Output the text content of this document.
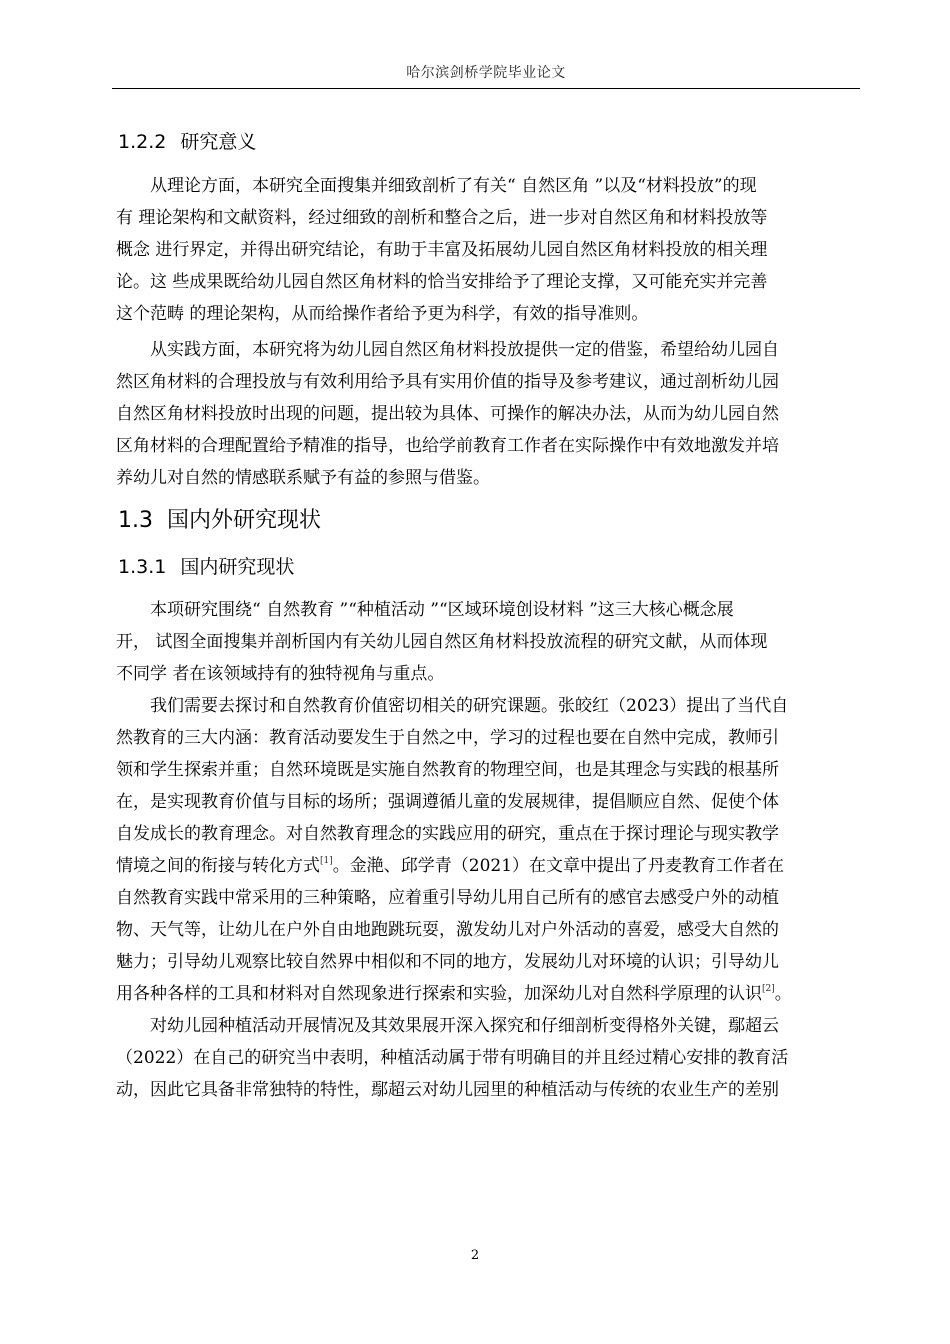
哈尔滨剑桥学院毕业论文
1.2.2 研究意义
从理论方面，本研究全面搜集并细致剖析了有关“ 自然区角 ”以及“材料投放”的现
有 理论架构和文献资料，经过细致的剖析和整合之后，进一步对自然区角和材料投放等
概念 进行界定，并得出研究结论，有助于丰富及拓展幼儿园自然区角材料投放的相关理
论。这 些成果既给幼儿园自然区角材料的恰当安排给予了理论支撑，又可能充实并完善
这个范畴 的理论架构，从而给操作者给予更为科学，有效的指导准则。
从实践方面，本研究将为幼儿园自然区角材料投放提供一定的借鉴，希望给幼儿园自
然区角材料的合理投放与有效利用给予具有实用价值的指导及参考建议，通过剖析幼儿园
自然区角材料投放时出现的问题，提出较为具体、可操作的解决办法，从而为幼儿园自然
区角材料的合理配置给予精准的指导，也给学前教育工作者在实际操作中有效地激发并培
养幼儿对自然的情感联系赋予有益的参照与借鉴。
1.3 国内外研究现状
1.3.1 国内研究现状
本项研究围绕“ 自然教育 ”“种植活动 ”“区域环境创设材料 ”这三大核心概念展
开， 试图全面搜集并剖析国内有关幼儿园自然区角材料投放流程的研究文献，从而体现
不同学 者在该领域持有的独特视角与重点。
我们需要去探讨和自然教育价值密切相关的研究课题。张皎红（2023）提出了当代自
然教育的三大内涵：教育活动要发生于自然之中，学习的过程也要在自然中完成，教师引
领和学生探索并重；自然环境既是实施自然教育的物理空间，也是其理念与实践的根基所
在，是实现教育价值与目标的场所；强调遵循儿童的发展规律，提倡顺应自然、促使个体
自发成长的教育理念。对自然教育理念的实践应用的研究，重点在于探讨理论与现实教学
情境之间的衔接与转化方式[1]。金滟、邱学青（2021）在文章中提出了丹麦教育工作者在
自然教育实践中常采用的三种策略，应着重引导幼儿用自己所有的感官去感受户外的动植
物、天气等，让幼儿在户外自由地跑跳玩耍，激发幼儿对户外活动的喜爱，感受大自然的
魅力；引导幼儿观察比较自然界中相似和不同的地方，发展幼儿对环境的认识；引导幼儿
用各种各样的工具和材料对自然现象进行探索和实验，加深幼儿对自然科学原理的认识[2]。
对幼儿园种植活动开展情况及其效果展开深入探究和仔细剖析变得格外关键，鄢超云
（2022）在自己的研究当中表明，种植活动属于带有明确目的并且经过精心安排的教育活
动，因此它具备非常独特的特性，鄢超云对幼儿园里的种植活动与传统的农业生产的差别
2
